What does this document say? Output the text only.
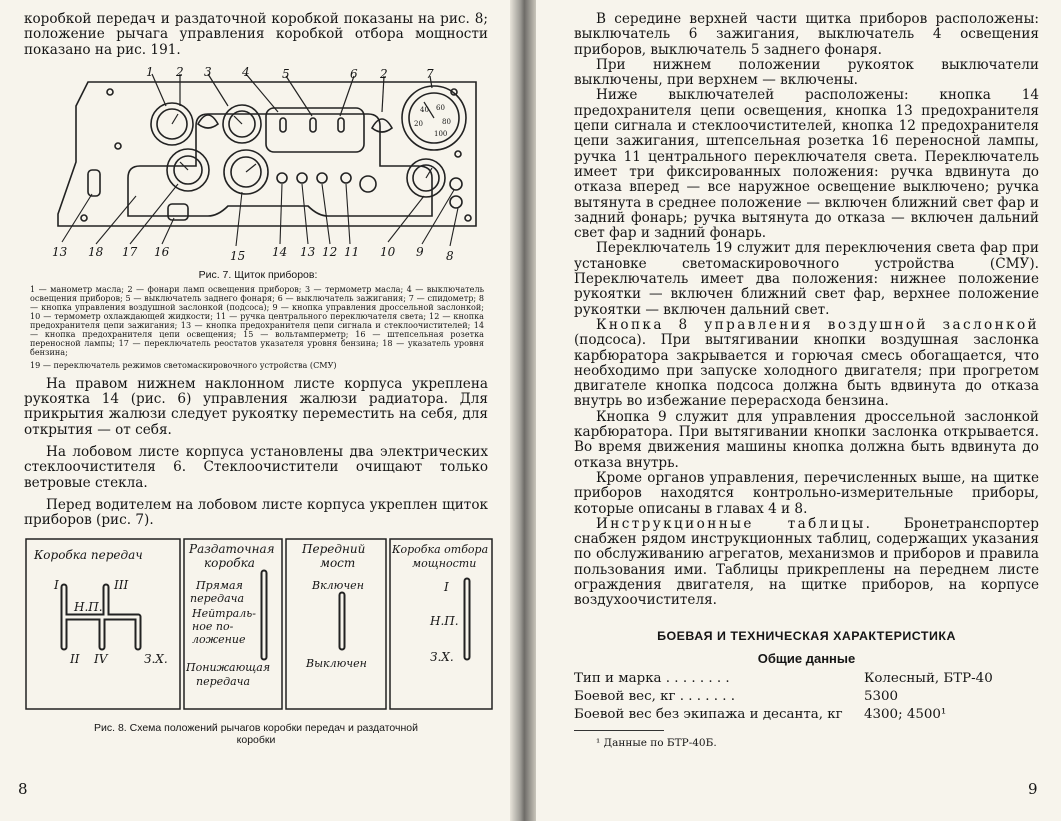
коробкой передач и раздаточной коробкой показаны на рис. 8; положение рычага управления коробкой отбора мощности показано на рис. 191.

1 2 3	4	5	6 2	7
40 60
20	80
100
13 18 17 16	15 14 13 12 11 10 9 8
Рис. 7. Щиток приборов:
1 — манометр масла; 2 — фонари ламп освещения приборов; 3 — термометр масла; 4 — выключатель освещения приборов; 5 — выключатель заднего фонаря; 6 — выключатель зажигания; 7 — спидометр; 8 — кнопка управления воздушной заслонкой (подсоса); 9 — кнопка управления дроссельной заслонкой; 10 — термометр охлаждающей жидкости; 11 — ручка центрального переключателя света; 12 — кнопка предохранителя цепи зажигания; 13 — кнопка предохранителя цепи сигнала и стеклоочистителей; 14 — кнопка предохранителя цепи освещения; 15 — вольтамперметр; 16 — штепсельная розетка переносной лампы; 17 — переключатель реостатов указателя уровня бензина; 18 — указатель уровня бензина;
19 — переключатель режимов светомаскировочного устройства (СМУ)

На правом нижнем наклонном листе корпуса укреплена рукоятка 14 (рис. 6) управления жалюзи радиатора. Для прикрытия жалюзи следует рукоятку переместить на себя, для открытия — от себя.

На лобовом листе корпуса установлены два электрических стеклоочистителя 6. Стеклоочистители очищают только ветровые стекла.

Перед водителем на лобовом листе корпуса укреплен щиток приборов (рис. 7).

Коробка передач
I	III
Н.П.
II IV	З.Х.
Раздаточная
коробка
Прямая
передача
Нейтраль-
ное по-
ложение
Понижающая
передача
Передний
мост
Включен
Выключен
Коробка отбора
мощности
I
Н.П.
З.Х.
Рис. 8. Схема положений рычагов коробки передач и раздаточной
коробки
8

В середине верхней части щитка приборов расположены: выключатель 6 зажигания, выключатель 4 освещения приборов, выключатель 5 заднего фонаря.

При нижнем положении рукояток выключатели выключены, при верхнем — включены.

Ниже выключателей расположены: кнопка 14 предохранителя цепи освещения, кнопка 13 предохранителя цепи сигнала и стеклоочистителей, кнопка 12 предохранителя цепи зажигания, штепсельная розетка 16 переносной лампы, ручка 11 центрального переключателя света. Переключатель имеет три фиксированных положения: ручка вдвинута до отказа вперед — все наружное освещение выключено; ручка вытянута в среднее положение — включен ближний свет фар и задний фонарь; ручка вытянута до отказа — включен дальний свет фар и задний фонарь.

Переключатель 19 служит для переключения света фар при установке светомаскировочного устройства (СМУ). Переключатель имеет два положения: нижнее положение рукоятки — включен ближний свет фар, верхнее положение рукоятки — включен дальний свет.

Кнопка 8 управления воздушной заслонкой (подсоса). При вытягивании кнопки воздушная заслонка карбюратора закрывается и горючая смесь обогащается, что необходимо при запуске холодного двигателя; при прогретом двигателе кнопка подсоса должна быть вдвинута до отказа внутрь во избежание перерасхода бензина.

Кнопка 9 служит для управления дроссельной заслонкой карбюратора. При вытягивании кнопки заслонка открывается. Во время движения машины кнопка должна быть вдвинута до отказа внутрь.

Кроме органов управления, перечисленных выше, на щитке приборов находятся контрольно-измерительные приборы, которые описаны в главах 4 и 8.

Инструкционные таблицы. Бронетранспортер снабжен рядом инструкционных таблиц, содержащих указания по обслуживанию агрегатов, механизмов и приборов и правила пользования ими. Таблицы прикреплены на переднем листе ограждения двигателя, на щитке приборов, на корпусе воздухоочистителя.

БОЕВАЯ И ТЕХНИЧЕСКАЯ ХАРАКТЕРИСТИКА
Общие данные
Тип и марка . . . . . . . .	Колесный, БТР-40
Боевой вес, кг . . . . . . .	5300
Боевой вес без экипажа и десанта, кг	4300; 4500¹
¹ Данные по БТР-40Б.
9
